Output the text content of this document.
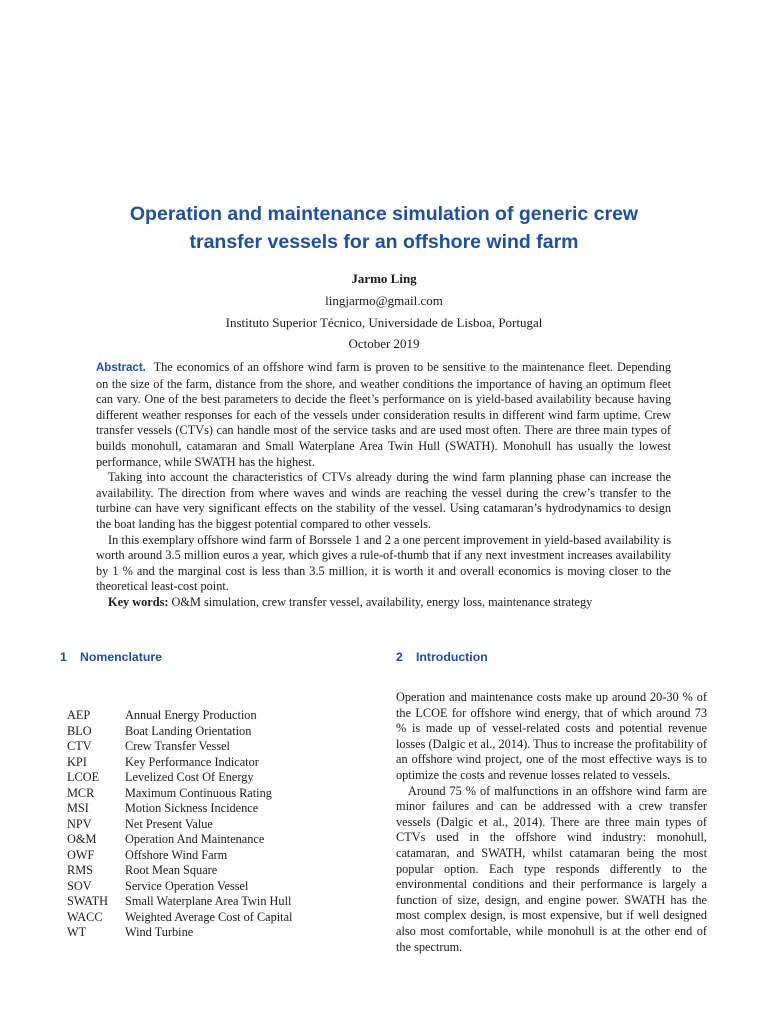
Operation and maintenance simulation of generic crew
transfer vessels for an offshore wind farm
Jarmo Ling
lingjarmo@gmail.com
Instituto Superior Técnico, Universidade de Lisboa, Portugal
October 2019

Abstract. The economics of an offshore wind farm is proven to be sensitive to the maintenance fleet. Depending on the size of the farm, distance from the shore, and weather conditions the importance of having an optimum fleet can vary. One of the best parameters to decide the fleet’s performance on is yield-based availability because having different weather responses for each of the vessels under consideration results in different wind farm uptime. Crew transfer vessels (CTVs) can handle most of the service tasks and are used most often. There are three main types of builds monohull, catamaran and Small Waterplane Area Twin Hull (SWATH). Monohull has usually the lowest performance, while SWATH has the highest.

Taking into account the characteristics of CTVs already during the wind farm planning phase can increase the availability. The direction from where waves and winds are reaching the vessel during the crew’s transfer to the turbine can have very significant effects on the stability of the vessel. Using catamaran’s hydrodynamics to design the boat landing has the biggest potential compared to other vessels.

In this exemplary offshore wind farm of Borssele 1 and 2 a one percent improvement in yield-based availability is worth around 3.5 million euros a year, which gives a rule-of-thumb that if any next investment increases availability by 1 % and the marginal cost is less than 3.5 million, it is worth it and overall economics is moving closer to the theoretical least-cost point.

Key words: O&M simulation, crew transfer vessel, availability, energy loss, maintenance strategy

1 Nomenclature	2 Introduction
AEP	Annual Energy Production
BLO	Boat Landing Orientation
CTV	Crew Transfer Vessel
KPI	Key Performance Indicator
LCOE	Levelized Cost Of Energy
MCR	Maximum Continuous Rating
MSI	Motion Sickness Incidence
NPV	Net Present Value
O&M	Operation And Maintenance
OWF	Offshore Wind Farm
RMS	Root Mean Square
SOV	Service Operation Vessel
SWATH	Small Waterplane Area Twin Hull
WACC	Weighted Average Cost of Capital
WT	Wind Turbine

Operation and maintenance costs make up around 20-30 % of the LCOE for offshore wind energy, that of which around 73 % is made up of vessel-related costs and potential revenue losses (Dalgic et al., 2014). Thus to increase the profitability of an offshore wind project, one of the most effective ways is to optimize the costs and revenue losses related to vessels.

Around 75 % of malfunctions in an offshore wind farm are minor failures and can be addressed with a crew transfer vessels (Dalgic et al., 2014). There are three main types of CTVs used in the offshore wind industry: monohull, catamaran, and SWATH, whilst catamaran being the most popular option. Each type responds differently to the environmental conditions and their performance is largely a function of size, design, and engine power. SWATH has the most complex design, is most expensive, but if well designed also most comfortable, while monohull is at the other end of the spectrum.
